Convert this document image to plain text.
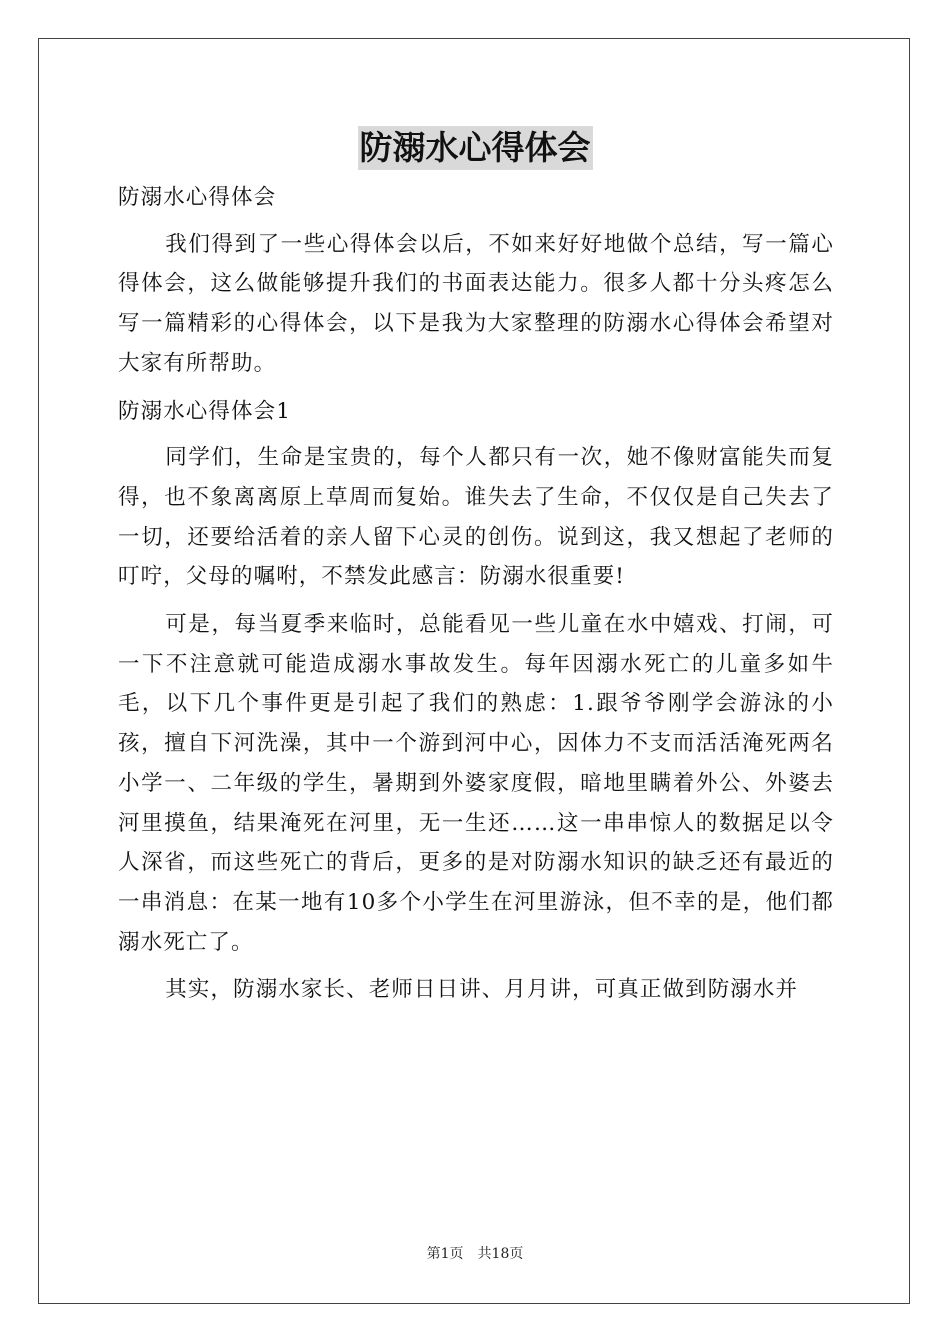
防溺水心得体会

防溺水心得体会

我们得到了一些心得体会以后，不如来好好地做个总结，写一篇心得体会，这么做能够提升我们的书面表达能力。很多人都十分头疼怎么写一篇精彩的心得体会，以下是我为大家整理的防溺水心得体会希望对大家有所帮助。

防溺水心得体会1

同学们，生命是宝贵的，每个人都只有一次，她不像财富能失而复得，也不象离离原上草周而复始。谁失去了生命，不仅仅是自己失去了一切，还要给活着的亲人留下心灵的创伤。说到这，我又想起了老师的叮咛，父母的嘱咐，不禁发此感言：防溺水很重要!

可是，每当夏季来临时，总能看见一些儿童在水中嬉戏、打闹，可一下不注意就可能造成溺水事故发生。每年因溺水死亡的儿童多如牛毛，以下几个事件更是引起了我们的熟虑：1.跟爷爷刚学会游泳的小孩，擅自下河洗澡，其中一个游到河中心，因体力不支而活活淹死两名小学一、二年级的学生，暑期到外婆家度假，暗地里瞒着外公、外婆去河里摸鱼，结果淹死在河里，无一生还……这一串串惊人的数据足以令人深省，而这些死亡的背后，更多的是对防溺水知识的缺乏还有最近的一串消息：在某一地有10多个小学生在河里游泳，但不幸的是，他们都溺水死亡了。

其实，防溺水家长、老师日日讲、月月讲，可真正做到防溺水并

第1页 共18页
